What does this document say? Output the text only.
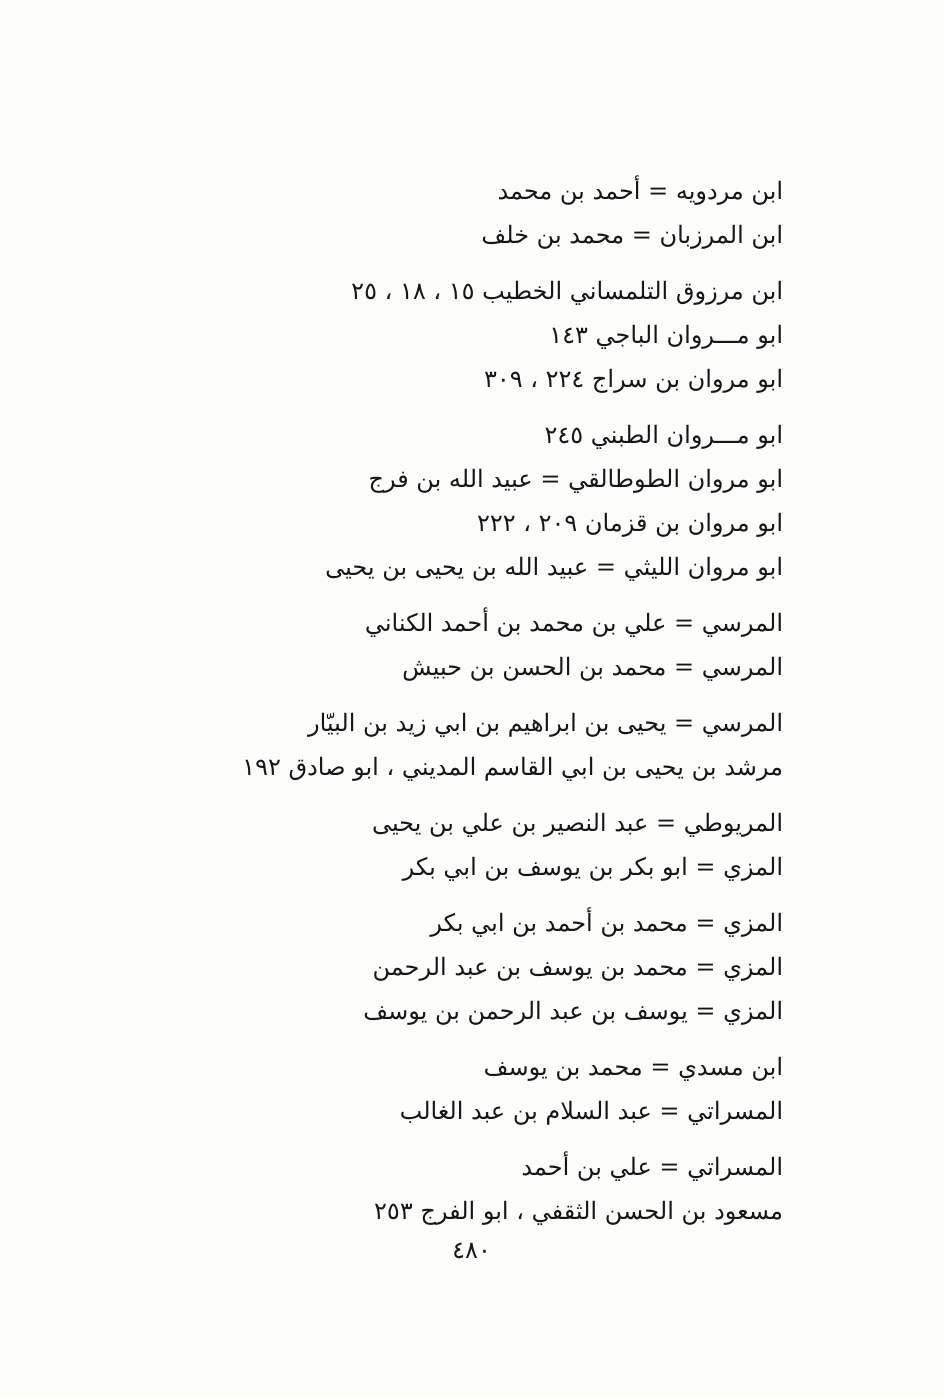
ابن مردويه = أحمد بن محمد
ابن المرزبان = محمد بن خلف
ابن مرزوق التلمساني الخطيب ١٥ ، ١٨ ، ٢٥
ابو مـــروان الباجي ١٤٣
ابو مروان بن سراج ٢٢٤ ، ٣٠٩
ابو مـــروان الطبني ٢٤٥
ابو مروان الطوطالقي = عبيد الله بن فرج
ابو مروان بن قزمان ٢٠٩ ، ٢٢٢
ابو مروان الليثي = عبيد الله بن يحيى بن يحيى
المرسي = علي بن محمد بن أحمد الكناني
المرسي = محمد بن الحسن بن حبيش
المرسي = يحيى بن ابراهيم بن ابي زيد بن البيّار
مرشد بن يحيى بن ابي القاسم المديني ، ابو صادق ١٩٢
المريوطي = عبد النصير بن علي بن يحيى
المزي = ابو بكر بن يوسف بن ابي بكر
المزي = محمد بن أحمد بن ابي بكر
المزي = محمد بن يوسف بن عبد الرحمن
المزي = يوسف بن عبد الرحمن بن يوسف
ابن مسدي = محمد بن يوسف
المسراتي = عبد السلام بن عبد الغالب
المسراتي = علي بن أحمد
مسعود بن الحسن الثقفي ، ابو الفرج ٢٥٣
٤٨٠
